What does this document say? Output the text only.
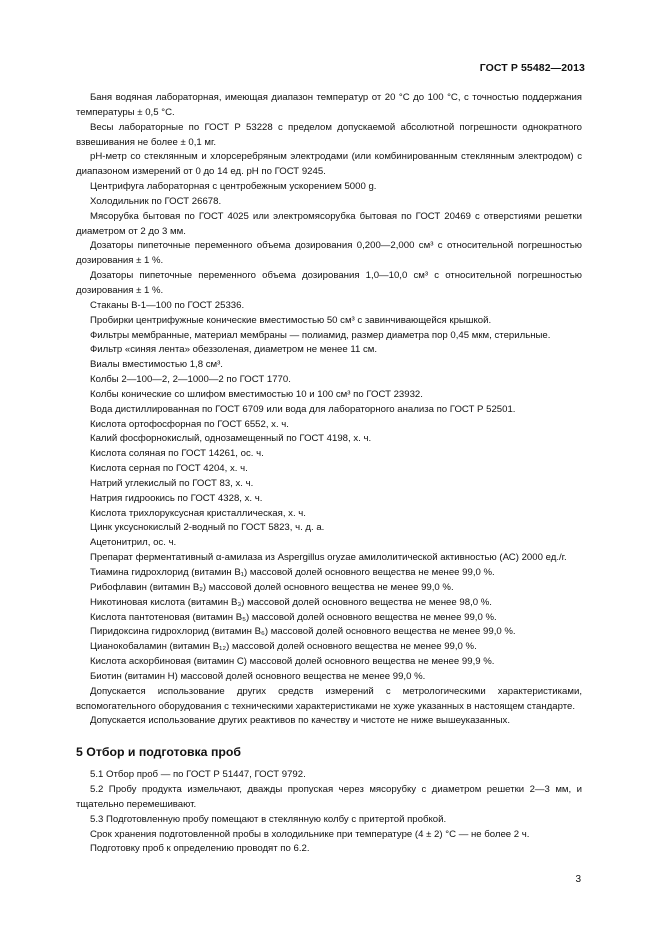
ГОСТ Р 55482—2013

Баня водяная лабораторная, имеющая диапазон температур от 20 °С до 100 °С, с точностью поддержания температуры ± 0,5 °С.

Весы лабораторные по ГОСТ Р 53228 с пределом допускаемой абсолютной погрешности однократного взвешивания не более ± 0,1 мг.

рН-метр со стеклянным и хлорсеребряным электродами (или комбинированным стеклянным электродом) с диапазоном измерений от 0 до 14 ед. рН по ГОСТ 9245.

Центрифуга лабораторная с центробежным ускорением 5000 g.

Холодильник по ГОСТ 26678.

Мясорубка бытовая по ГОСТ 4025 или электромясорубка бытовая по ГОСТ 20469 с отверстиями решетки диаметром от 2 до 3 мм.

Дозаторы пипеточные переменного объема дозирования 0,200—2,000 см³ с относительной погрешностью дозирования ± 1 %.

Дозаторы пипеточные переменного объема дозирования 1,0—10,0 см³ с относительной погрешностью дозирования ± 1 %.

Стаканы В-1—100 по ГОСТ 25336.

Пробирки центрифужные конические вместимостью 50 см³ с завинчивающейся крышкой.

Фильтры мембранные, материал мембраны — полиамид, размер диаметра пор 0,45 мкм, стерильные.

Фильтр «синяя лента» обеззоленая, диаметром не менее 11 см.

Виалы вместимостью 1,8 см³.

Колбы 2—100—2, 2—1000—2 по ГОСТ 1770.

Колбы конические со шлифом вместимостью 10 и 100 см³ по ГОСТ 23932.

Вода дистиллированная по ГОСТ 6709 или вода для лабораторного анализа по ГОСТ Р 52501.

Кислота ортофосфорная по ГОСТ 6552, х. ч.

Калий фосфорнокислый, однозамещенный по ГОСТ 4198, х. ч.

Кислота соляная по ГОСТ 14261, ос. ч.

Кислота серная по ГОСТ 4204, х. ч.

Натрий углекислый по ГОСТ 83, х. ч.

Натрия гидроокись по ГОСТ 4328, х. ч.

Кислота трихлоруксусная кристаллическая, х. ч.

Цинк уксуснокислый 2-водный по ГОСТ 5823, ч. д. а.

Ацетонитрил, ос. ч.

Препарат ферментативный α-амилаза из Aspergillus oryzae амилолитической активностью (АС) 2000 ед./г.

Тиамина гидрохлорид (витамин В₁) массовой долей основного вещества не менее 99,0 %.

Рибофлавин (витамин В₂) массовой долей основного вещества не менее 99,0 %.

Никотиновая кислота (витамин В₃) массовой долей основного вещества не менее 98,0 %.

Кислота пантотеновая (витамин В₅) массовой долей основного вещества не менее 99,0 %.

Пиридоксина гидрохлорид (витамин В₆) массовой долей основного вещества не менее 99,0 %.

Цианокобаламин (витамин В₁₂) массовой долей основного вещества не менее 99,0 %.

Кислота аскорбиновая (витамин С) массовой долей основного вещества не менее 99,9 %.

Биотин (витамин Н) массовой долей основного вещества не менее 99,0 %.

Допускается использование других средств измерений с метрологическими характеристиками, вспомогательного оборудования с техническими характеристиками не хуже указанных в настоящем стандарте.

Допускается использование других реактивов по качеству и чистоте не ниже вышеуказанных.

5 Отбор и подготовка проб

5.1 Отбор проб — по ГОСТ Р 51447, ГОСТ 9792.

5.2 Пробу продукта измельчают, дважды пропуская через мясорубку с диаметром решетки 2—3 мм, и тщательно перемешивают.

5.3 Подготовленную пробу помещают в стеклянную колбу с притертой пробкой.

Срок хранения подготовленной пробы в холодильнике при температуре (4 ± 2) °С — не более 2 ч.

Подготовку проб к определению проводят по 6.2.

3
